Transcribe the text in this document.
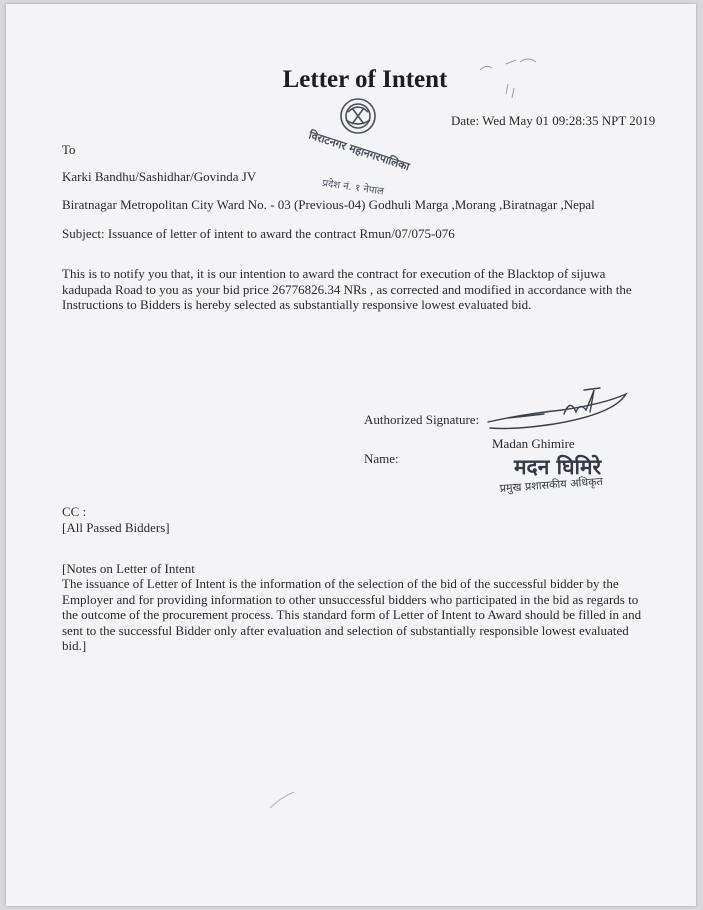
Letter of Intent
Date: Wed May 01 09:28:35 NPT 2019
विराटनगर महानगरपालिका
प्रदेश नं. १ नेपाल
To
Karki Bandhu/Sashidhar/Govinda JV
Biratnagar Metropolitan City Ward No. - 03 (Previous-04) Godhuli Marga ,Morang ,Biratnagar ,Nepal
Subject: Issuance of letter of intent to award the contract Rmun/07/075-076
This is to notify you that, it is our intention to award the contract for execution of the Blacktop of sijuwa kadupada Road to you as your bid price 26776826.34 NRs , as corrected and modified in accordance with the Instructions to Bidders is hereby selected as substantially responsive lowest evaluated bid.
Authorized Signature:
Madan Ghimire
Name:	मदन घिमिरे
प्रमुख प्रशासकीय अधिकृत
CC :
[All Passed Bidders]
[Notes on Letter of Intent
The issuance of Letter of Intent is the information of the selection of the bid of the successful bidder by the Employer and for providing information to other unsuccessful bidders who participated in the bid as regards to the outcome of the procurement process. This standard form of Letter of Intent to Award should be filled in and sent to the successful Bidder only after evaluation and selection of substantially responsible lowest evaluated bid.]
